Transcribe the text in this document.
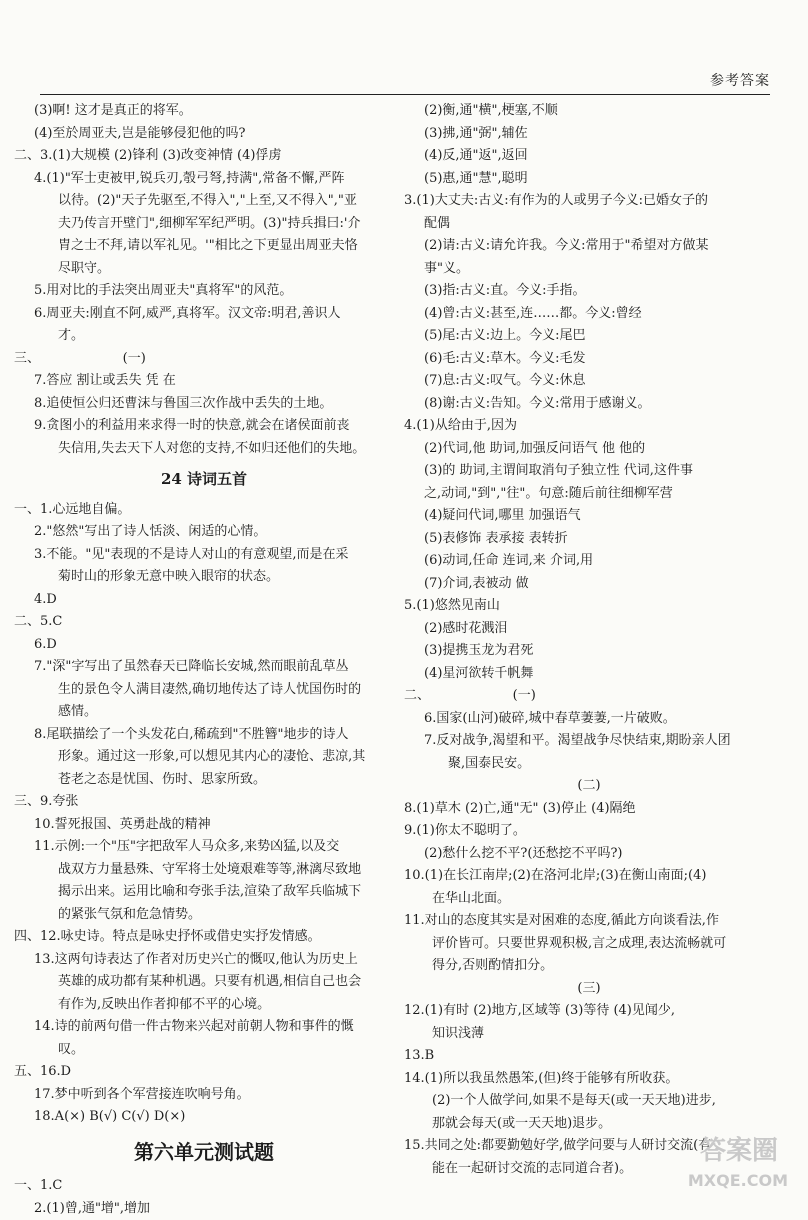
参考答案
(3)啊! 这才是真正的将军。
(4)至於周亚夫,岂是能够侵犯他的吗?
二、3.(1)大规模 (2)锋利 (3)改变神情 (4)俘虏
4.(1)"军士吏被甲,锐兵刃,彀弓弩,持满",常备不懈,严阵
以待。(2)"天子先驱至,不得入","上至,又不得入","亚
夫乃传言开壁门",细柳军军纪严明。(3)"持兵揖曰:'介
胄之士不拜,请以军礼见。'"相比之下更显出周亚夫恪
尽职守。
5.用对比的手法突出周亚夫"真将军"的风范。
6.周亚夫:刚直不阿,威严,真将军。汉文帝:明君,善识人
才。
三、                    (一)
7.答应 割让或丢失 凭 在
8.追使恒公归还曹沫与鲁国三次作战中丢失的土地。
9.贪图小的利益用来求得一时的快意,就会在诸侯面前丧
失信用,失去天下人对您的支持,不如归还他们的失地。
24 诗词五首
一、1.心远地自偏。
2."悠然"写出了诗人恬淡、闲适的心情。
3.不能。"见"表现的不是诗人对山的有意观望,而是在采
菊时山的形象无意中映入眼帘的状态。
4.D
二、5.C
6.D
7."深"字写出了虽然春天已降临长安城,然而眼前乱草丛
生的景色令人满目凄然,确切地传达了诗人忧国伤时的
感情。
8.尾联描绘了一个头发花白,稀疏到"不胜簪"地步的诗人
形象。通过这一形象,可以想见其内心的凄怆、悲凉,其
苍老之态是忧国、伤时、思家所致。
三、9.夸张
10.誓死报国、英勇赴战的精神
11.示例:一个"压"字把敌军人马众多,来势凶猛,以及交
战双方力量悬殊、守军将士处境艰难等等,淋漓尽致地
揭示出来。运用比喻和夸张手法,渲染了敌军兵临城下
的紧张气氛和危急情势。
四、12.咏史诗。特点是咏史抒怀或借史实抒发情感。
13.这两句诗表达了作者对历史兴亡的慨叹,他认为历史上
英雄的成功都有某种机遇。只要有机遇,相信自己也会
有作为,反映出作者抑郁不平的心境。
14.诗的前两句借一件古物来兴起对前朝人物和事件的慨
叹。
五、16.D
17.梦中听到各个军营接连吹响号角。
18.A(×) B(√) C(√) D(×)
第六单元测试题
一、1.C
2.(1)曾,通"增",增加
(2)衡,通"横",梗塞,不顺
(3)拂,通"弼",辅佐
(4)反,通"返",返回
(5)惠,通"慧",聪明
3.(1)大丈夫:古义:有作为的人或男子今义:已婚女子的
配偶
(2)请:古义:请允许我。今义:常用于"希望对方做某
事"义。
(3)指:古义:直。今义:手指。
(4)曾:古义:甚至,连……都。今义:曾经
(5)尾:古义:边上。今义:尾巴
(6)毛:古义:草木。今义:毛发
(7)息:古义:叹气。今义:休息
(8)谢:古义:告知。今义:常用于感谢义。
4.(1)从给由于,因为
(2)代词,他 助词,加强反问语气 他 他的
(3)的 助词,主谓间取消句子独立性 代词,这件事
之,动词,"到","往"。句意:随后前往细柳军营
(4)疑问代词,哪里 加强语气
(5)表修饰 表承接 表转折
(6)动词,任命 连词,来 介词,用
(7)介词,表被动 做
5.(1)悠然见南山
(2)感时花溅泪
(3)提携玉龙为君死
(4)星河欲转千帆舞
二、                    (一)
6.国家(山河)破碎,城中春草萋萋,一片破败。
7.反对战争,渴望和平。渴望战争尽快结束,期盼亲人团
聚,国泰民安。
(二)
8.(1)草木 (2)亡,通"无" (3)停止 (4)隔绝
9.(1)你太不聪明了。
(2)愁什么挖不平?(还愁挖不平吗?)
10.(1)在长江南岸;(2)在洛河北岸;(3)在衡山南面;(4)
在华山北面。
11.对山的态度其实是对困难的态度,循此方向谈看法,作
评价皆可。只要世界观积极,言之成理,表达流畅就可
得分,否则酌情扣分。
(三)
12.(1)有时 (2)地方,区域等 (3)等待 (4)见闻少,
知识浅薄
13.B
14.(1)所以我虽然愚笨,(但)终于能够有所收获。
(2)一个人做学问,如果不是每天(或一天天地)进步,
那就会每天(或一天天地)退步。
15.共同之处:都要勤勉好学,做学问要与人研讨交流(有
能在一起研讨交流的志同道合者)。
答案圈
MXQE.COM
